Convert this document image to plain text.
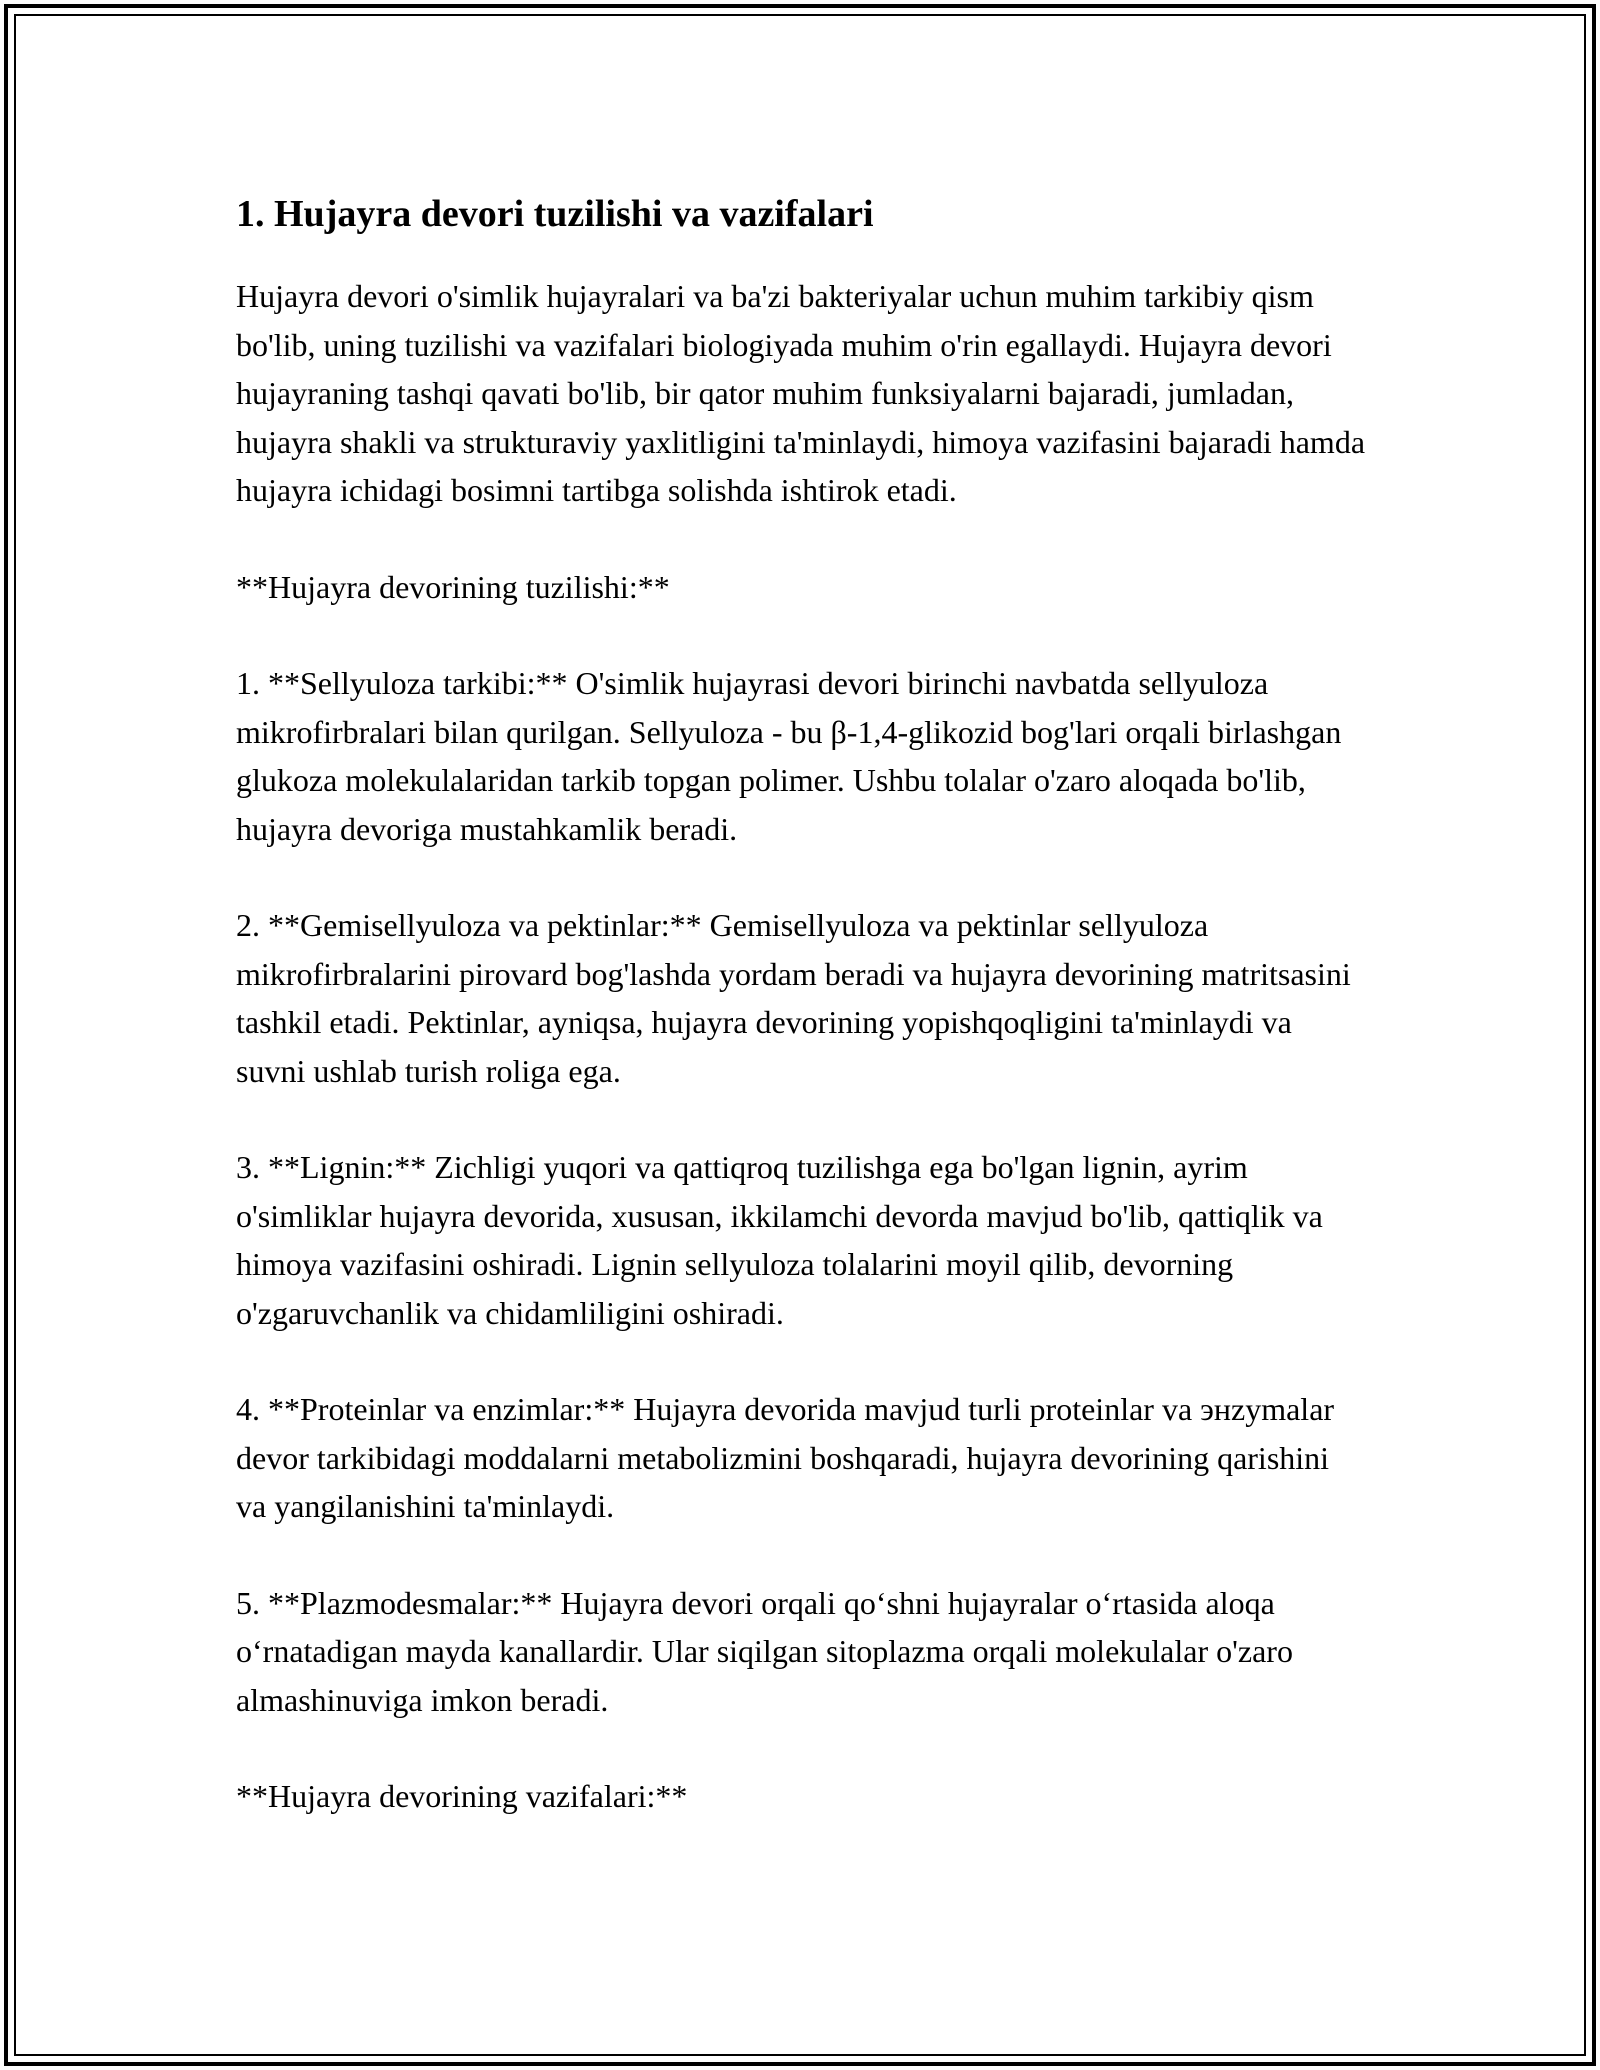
1. Hujayra devori tuzilishi va vazifalari

Hujayra devori o'simlik hujayralari va ba'zi bakteriyalar uchun muhim tarkibiy qism bo'lib, uning tuzilishi va vazifalari biologiyada muhim o'rin egallaydi. Hujayra devori hujayraning tashqi qavati bo'lib, bir qator muhim funksiyalarni bajaradi, jumladan, hujayra shakli va strukturaviy yaxlitligini ta'minlaydi, himoya vazifasini bajaradi hamda hujayra ichidagi bosimni tartibga solishda ishtirok etadi.

**Hujayra devorining tuzilishi:**

1. **Sellyuloza tarkibi:** O'simlik hujayrasi devori birinchi navbatda sellyuloza mikrofirbralari bilan qurilgan. Sellyuloza - bu β-1,4-glikozid bog'lari orqali birlashgan glukoza molekulalaridan tarkib topgan polimer. Ushbu tolalar o'zaro aloqada bo'lib, hujayra devoriga mustahkamlik beradi.

2. **Gemisellyuloza va pektinlar:** Gemisellyuloza va pektinlar sellyuloza mikrofirbralarini pirovard bog'lashda yordam beradi va hujayra devorining matritsasini tashkil etadi. Pektinlar, ayniqsa, hujayra devorining yopishqoqligini ta'minlaydi va suvni ushlab turish roliga ega.

3. **Lignin:** Zichligi yuqori va qattiqroq tuzilishga ega bo'lgan lignin, ayrim o'simliklar hujayra devorida, xususan, ikkilamchi devorda mavjud bo'lib, qattiqlik va himoya vazifasini oshiradi. Lignin sellyuloza tolalarini moyil qilib, devorning o'zgaruvchanlik va chidamliligini oshiradi.

4. **Proteinlar va enzimlar:** Hujayra devorida mavjud turli proteinlar va энzymalar devor tarkibidagi moddalarni metabolizmini boshqaradi, hujayra devorining qarishini va yangilanishini ta'minlaydi.

5. **Plazmodesmalar:** Hujayra devori orqali qoʻshni hujayralar oʻrtasida aloqa oʻrnatadigan mayda kanallardir. Ular siqilgan sitoplazma orqali molekulalar o'zaro almashinuviga imkon beradi.

**Hujayra devorining vazifalari:**
